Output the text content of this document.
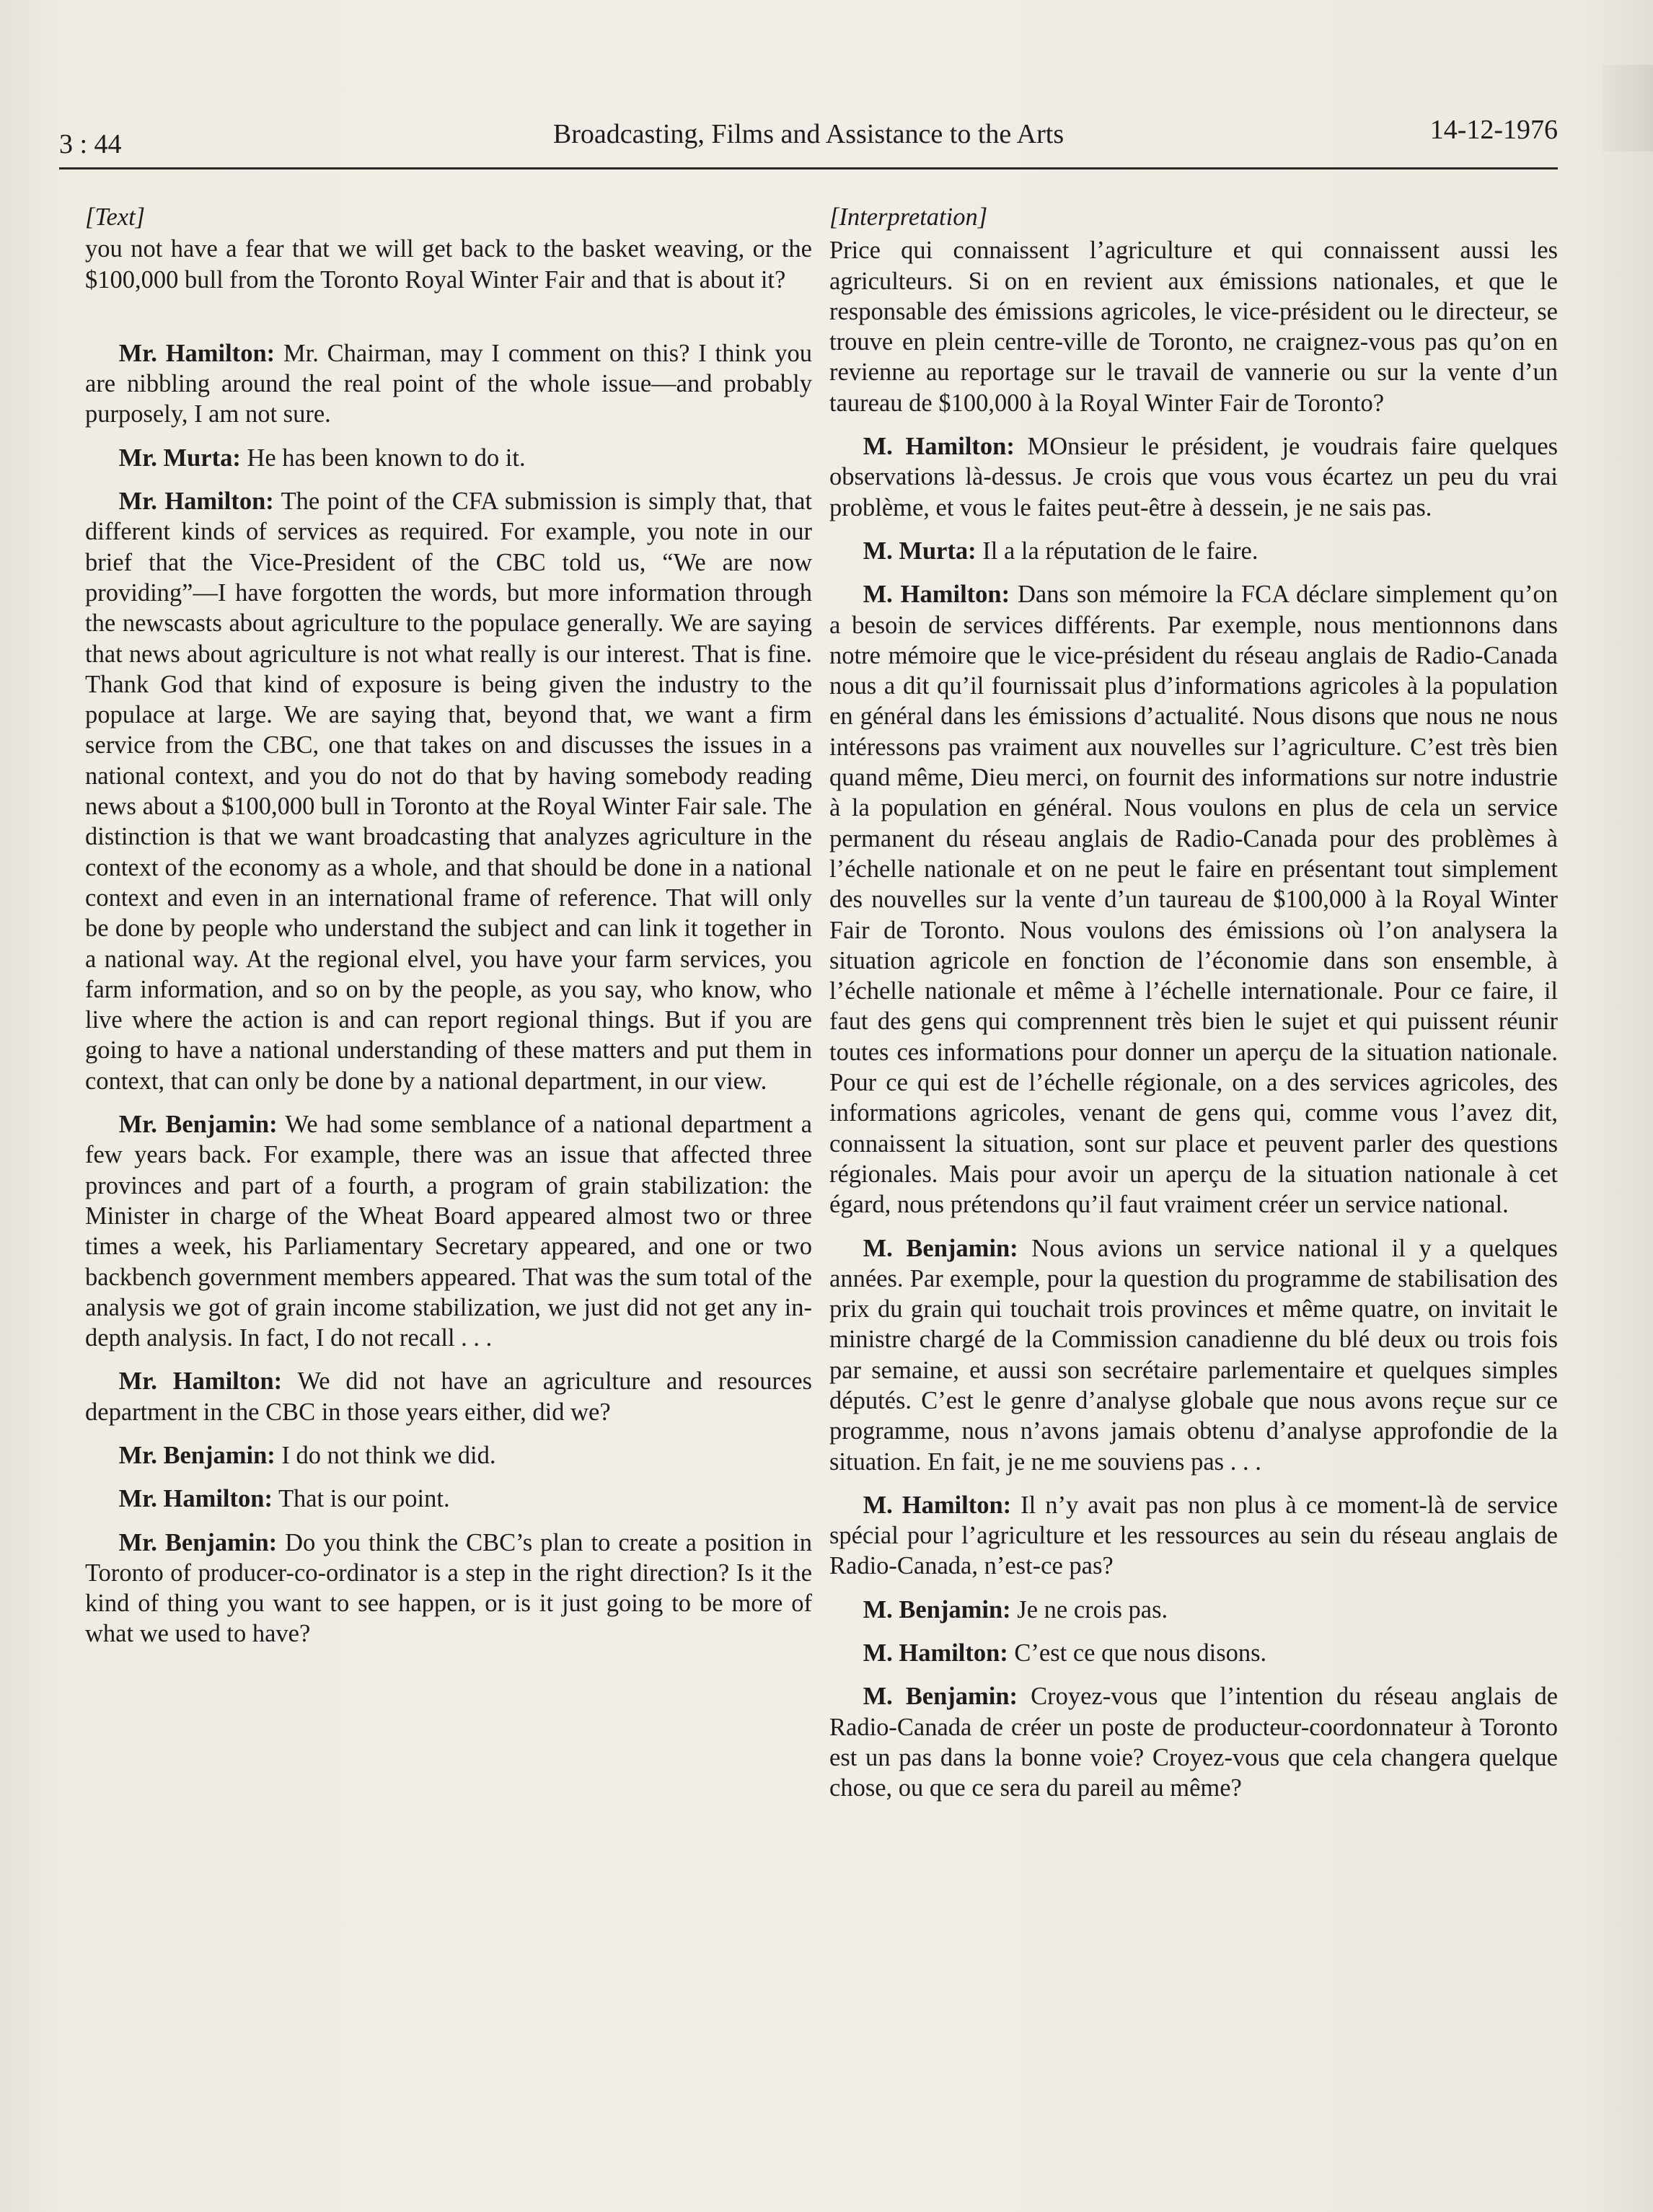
3 : 44	Broadcasting, Films and Assistance to the Arts	14-12-1976
[Text]

you not have a fear that we will get back to the basket weaving, or the $100,000 bull from the Toronto Royal Winter Fair and that is about it?

Mr. Hamilton: Mr. Chairman, may I comment on this? I think you are nibbling around the real point of the whole issue—and probably purposely, I am not sure.

Mr. Murta: He has been known to do it.

Mr. Hamilton: The point of the CFA submission is simply that, that different kinds of services as required. For example, you note in our brief that the Vice-President of the CBC told us, “We are now providing”—I have forgotten the words, but more information through the newscasts about agriculture to the populace generally. We are saying that news about agriculture is not what really is our interest. That is fine. Thank God that kind of exposure is being given the industry to the populace at large. We are saying that, beyond that, we want a firm service from the CBC, one that takes on and discusses the issues in a national context, and you do not do that by having somebody reading news about a $100,000 bull in Toronto at the Royal Winter Fair sale. The distinction is that we want broadcasting that analyzes agriculture in the context of the economy as a whole, and that should be done in a national context and even in an international frame of reference. That will only be done by people who understand the subject and can link it together in a national way. At the regional elvel, you have your farm services, you farm information, and so on by the people, as you say, who know, who live where the action is and can report regional things. But if you are going to have a national understanding of these matters and put them in context, that can only be done by a national department, in our view.

Mr. Benjamin: We had some semblance of a national department a few years back. For example, there was an issue that affected three provinces and part of a fourth, a program of grain stabilization: the Minister in charge of the Wheat Board appeared almost two or three times a week, his Parliamentary Secretary appeared, and one or two backbench government members appeared. That was the sum total of the analysis we got of grain income stabilization, we just did not get any in-depth analysis. In fact, I do not recall . . .

Mr. Hamilton: We did not have an agriculture and resources department in the CBC in those years either, did we?

Mr. Benjamin: I do not think we did.

Mr. Hamilton: That is our point.

Mr. Benjamin: Do you think the CBC’s plan to create a position in Toronto of producer-co-ordinator is a step in the right direction? Is it the kind of thing you want to see happen, or is it just going to be more of what we used to have?

[Interpretation]

Price qui connaissent l’agriculture et qui connaissent aussi les agriculteurs. Si on en revient aux émissions nationales, et que le responsable des émissions agricoles, le vice-président ou le directeur, se trouve en plein centre-ville de Toronto, ne craignez-vous pas qu’on en revienne au reportage sur le travail de vannerie ou sur la vente d’un taureau de $100,000 à la Royal Winter Fair de Toronto?

M. Hamilton: MOnsieur le président, je voudrais faire quelques observations là-dessus. Je crois que vous vous écartez un peu du vrai problème, et vous le faites peut-être à dessein, je ne sais pas.

M. Murta: Il a la réputation de le faire.

M. Hamilton: Dans son mémoire la FCA déclare simplement qu’on a besoin de services différents. Par exemple, nous mentionnons dans notre mémoire que le vice-président du réseau anglais de Radio-Canada nous a dit qu’il fournissait plus d’informations agricoles à la population en général dans les émissions d’actualité. Nous disons que nous ne nous intéressons pas vraiment aux nouvelles sur l’agriculture. C’est très bien quand même, Dieu merci, on fournit des informations sur notre industrie à la population en général. Nous voulons en plus de cela un service permanent du réseau anglais de Radio-Canada pour des problèmes à l’échelle nationale et on ne peut le faire en présentant tout simplement des nouvelles sur la vente d’un taureau de $100,000 à la Royal Winter Fair de Toronto. Nous voulons des émissions où l’on analysera la situation agricole en fonction de l’économie dans son ensemble, à l’échelle nationale et même à l’échelle internationale. Pour ce faire, il faut des gens qui comprennent très bien le sujet et qui puissent réunir toutes ces informations pour donner un aperçu de la situation nationale. Pour ce qui est de l’échelle régionale, on a des services agricoles, des informations agricoles, venant de gens qui, comme vous l’avez dit, connaissent la situation, sont sur place et peuvent parler des questions régionales. Mais pour avoir un aperçu de la situation nationale à cet égard, nous prétendons qu’il faut vraiment créer un service national.

M. Benjamin: Nous avions un service national il y a quelques années. Par exemple, pour la question du programme de stabilisation des prix du grain qui touchait trois provinces et même quatre, on invitait le ministre chargé de la Commission canadienne du blé deux ou trois fois par semaine, et aussi son secrétaire parlementaire et quelques simples députés. C’est le genre d’analyse globale que nous avons reçue sur ce programme, nous n’avons jamais obtenu d’analyse approfondie de la situation. En fait, je ne me souviens pas . . .

M. Hamilton: Il n’y avait pas non plus à ce moment-là de service spécial pour l’agriculture et les ressources au sein du réseau anglais de Radio-Canada, n’est-ce pas?

M. Benjamin: Je ne crois pas.

M. Hamilton: C’est ce que nous disons.

M. Benjamin: Croyez-vous que l’intention du réseau anglais de Radio-Canada de créer un poste de producteur-coordonnateur à Toronto est un pas dans la bonne voie? Croyez-vous que cela changera quelque chose, ou que ce sera du pareil au même?
